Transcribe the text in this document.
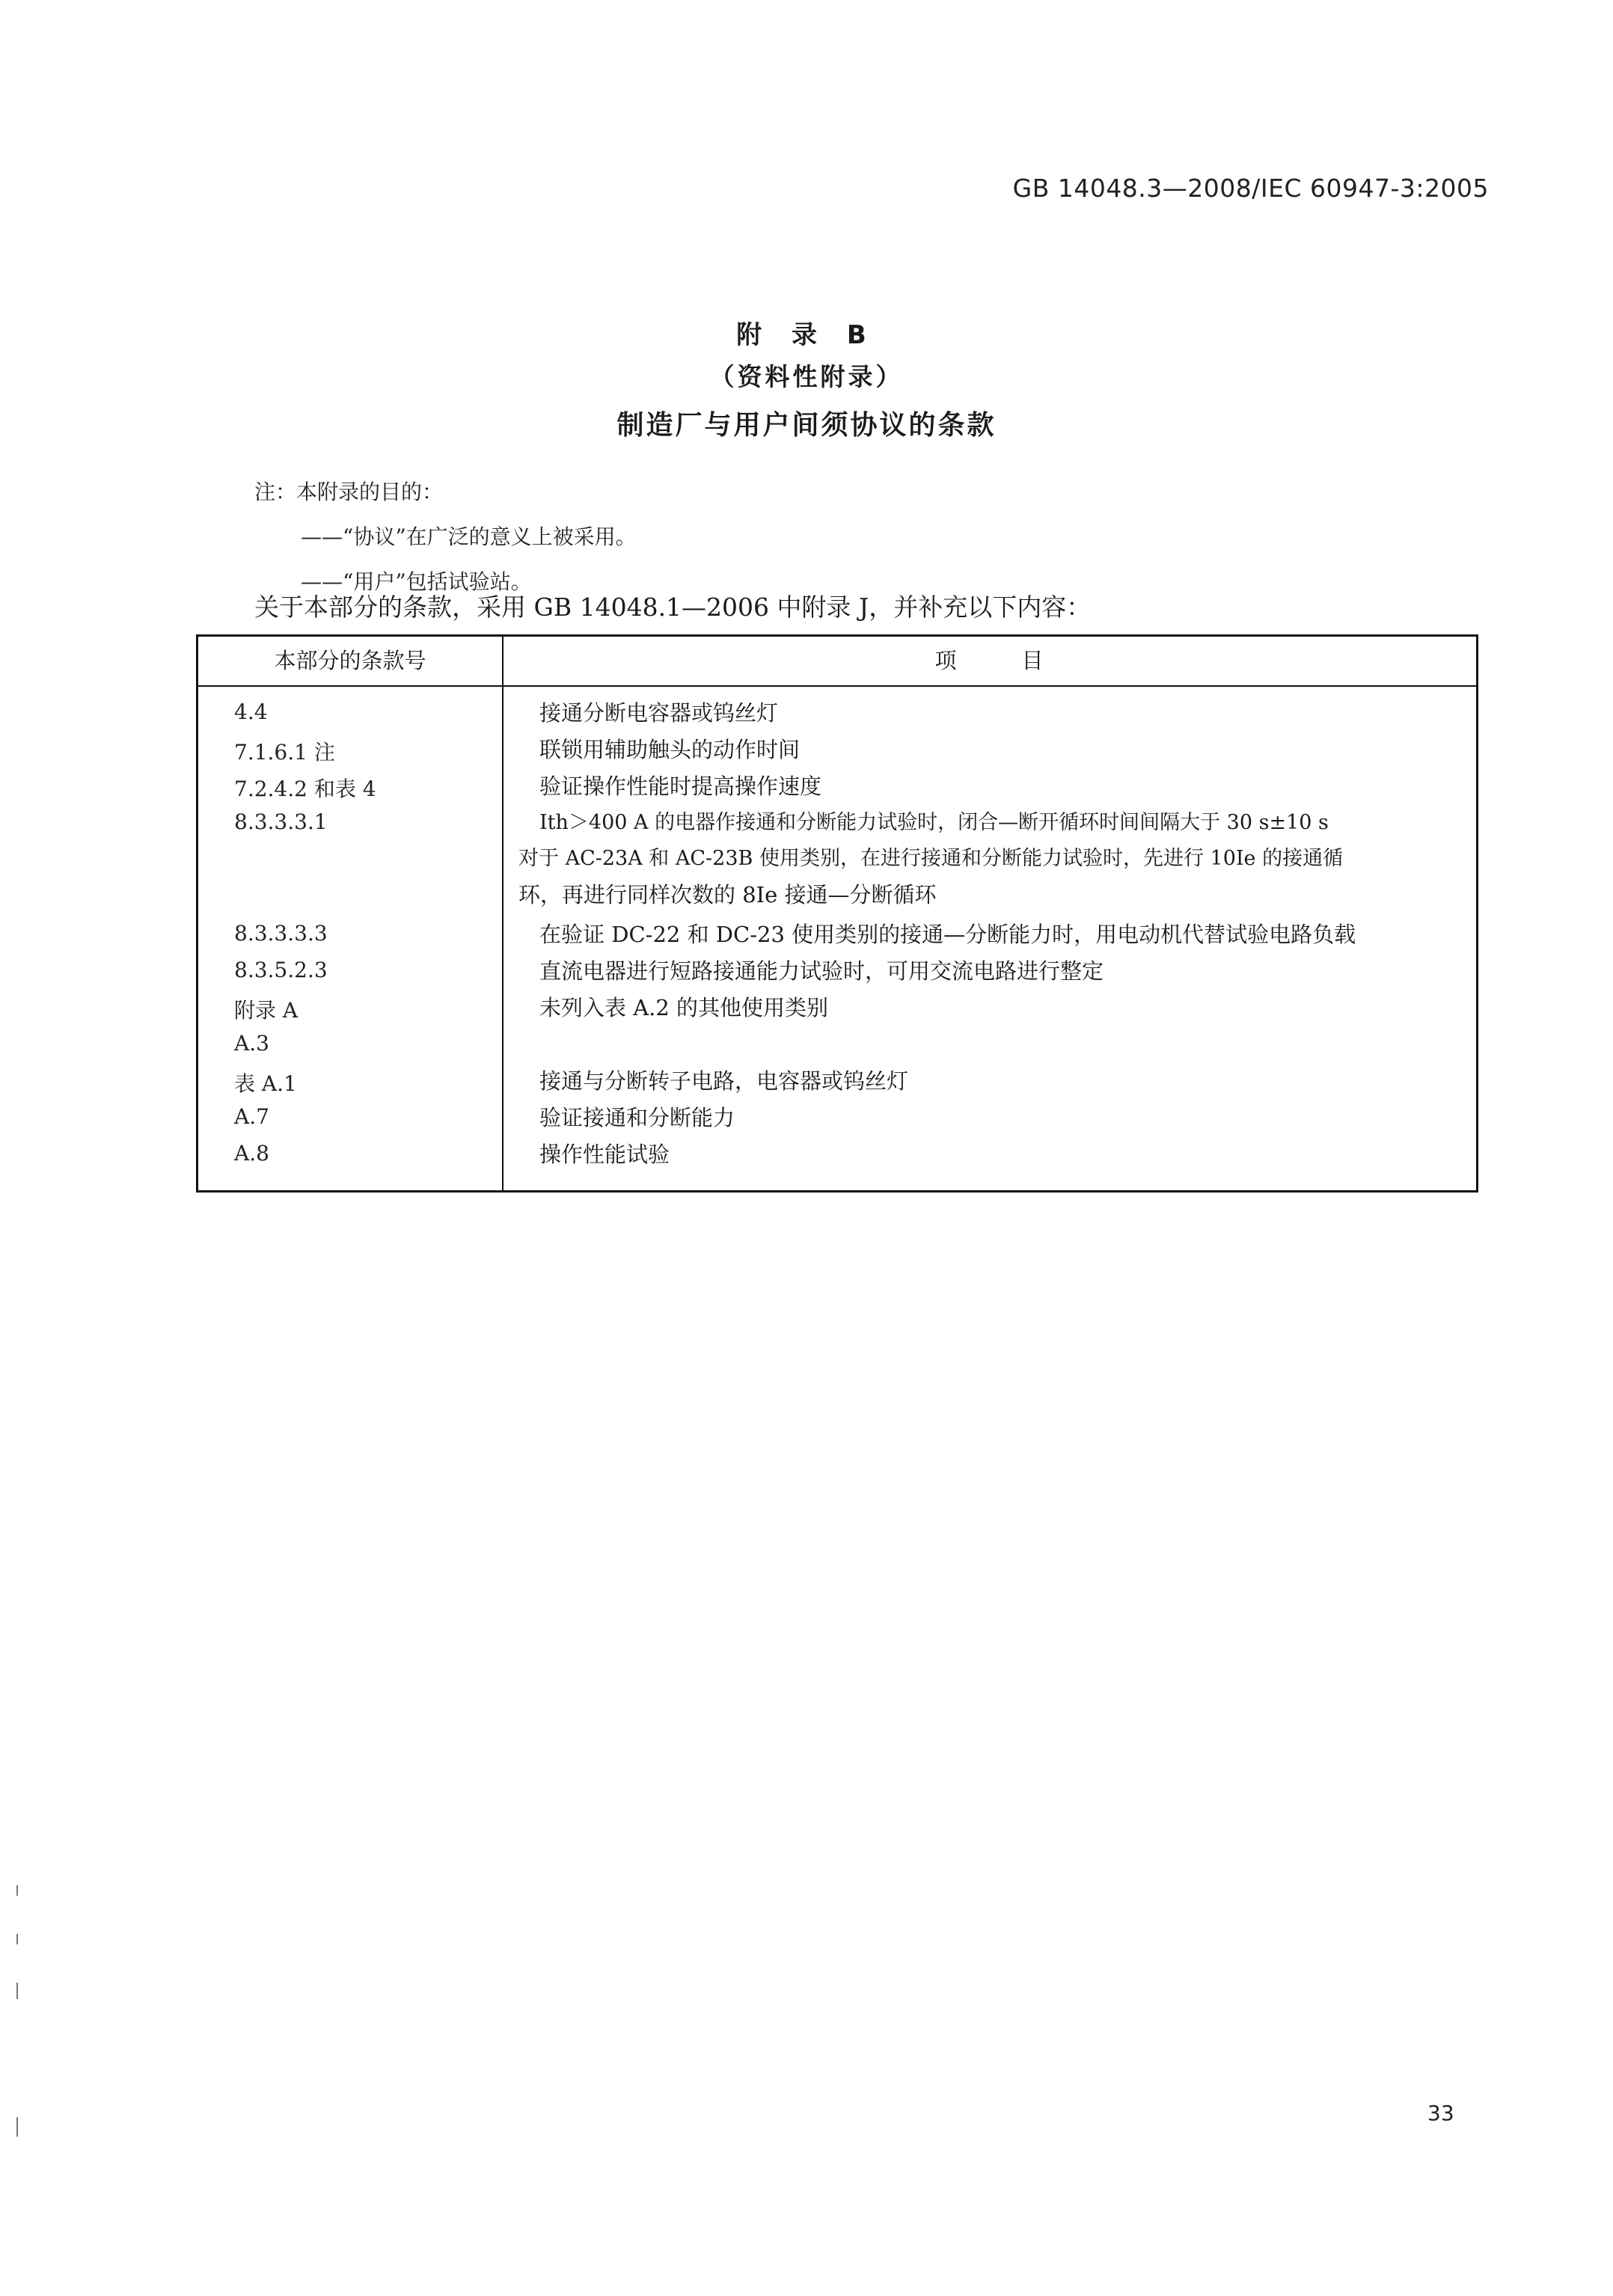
GB 14048.3—2008/IEC 60947-3:2005
附 录 B
（资料性附录）
制造厂与用户间须协议的条款
注：本附录的目的：
——“协议”在广泛的意义上被采用。
——“用户”包括试验站。
关于本部分的条款，采用 GB 14048.1—2006 中附录 J，并补充以下内容：
本部分的条款号	项　　　目
4.4	接通分断电容器或钨丝灯
7.1.6.1 注	联锁用辅助触头的动作时间
7.2.4.2 和表 4	验证操作性能时提高操作速度
8.3.3.3.1	Ith＞400 A 的电器作接通和分断能力试验时，闭合—断开循环时间间隔大于 30 s±10 s
对于 AC-23A 和 AC-23B 使用类别，在进行接通和分断能力试验时，先进行 10Ie 的接通循
环，再进行同样次数的 8Ie 接通—分断循环
8.3.3.3.3	在验证 DC-22 和 DC-23 使用类别的接通—分断能力时，用电动机代替试验电路负载
8.3.5.2.3	直流电器进行短路接通能力试验时，可用交流电路进行整定
附录 A	未列入表 A.2 的其他使用类别
A.3
表 A.1	接通与分断转子电路，电容器或钨丝灯
A.7	验证接通和分断能力
A.8	操作性能试验
33
